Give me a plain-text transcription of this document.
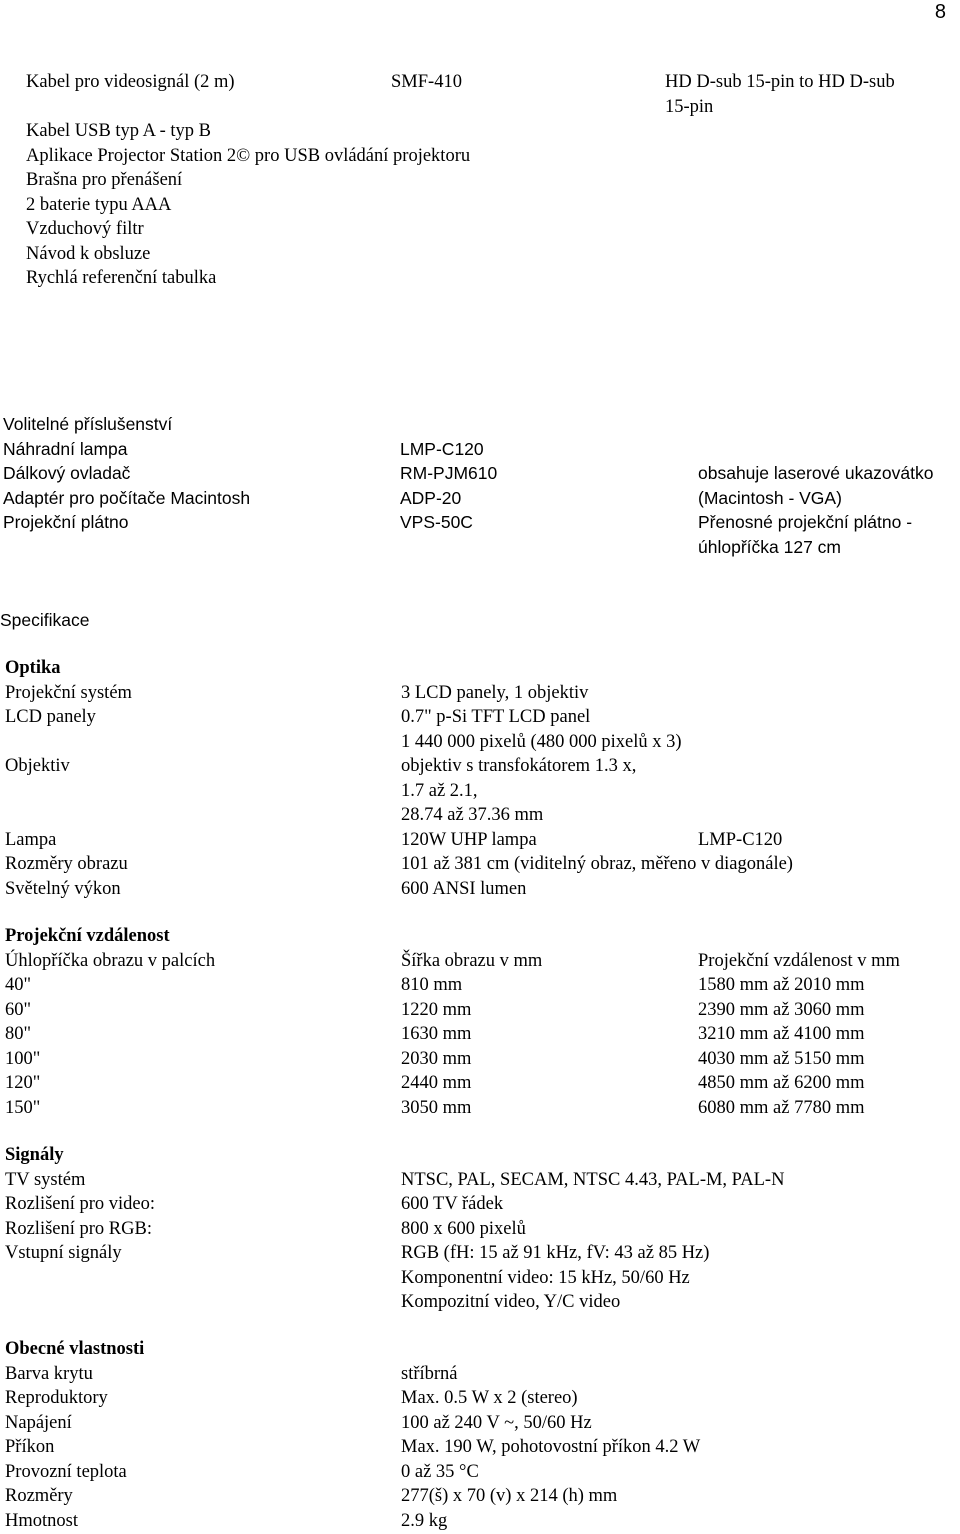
8
Kabel pro videosignál (2 m)	SMF-410	HD D-sub 15-pin to HD D-sub
15-pin
Kabel USB typ A - typ B
Aplikace Projector Station 2© pro USB ovládání projektoru
Brašna pro přenášení
2 baterie typu AAA
Vzduchový filtr
Návod k obsluze
Rychlá referenční tabulka
Volitelné příslušenství
Náhradní lampa	LMP-C120
Dálkový ovladač	RM-PJM610	obsahuje laserové ukazovátko
Adaptér pro počítače Macintosh	ADP-20	(Macintosh - VGA)
Projekční plátno	VPS-50C	Přenosné projekční plátno -
úhlopříčka 127 cm
Specifikace
Optika
Projekční systém	3 LCD panely, 1 objektiv
LCD panely	0.7" p-Si TFT LCD panel
1 440 000 pixelů (480 000 pixelů x 3)
Objektiv	objektiv s transfokátorem 1.3 x,
1.7 až 2.1,
28.74 až 37.36 mm
Lampa	120W UHP lampa	LMP-C120
Rozměry obrazu	101 až 381 cm (viditelný obraz, měřeno v diagonále)
Světelný výkon	600 ANSI lumen
Projekční vzdálenost
Úhlopříčka obrazu v palcích	Šířka obrazu v mm	Projekční vzdálenost v mm
40"	810 mm	1580 mm až 2010 mm
60"	1220 mm	2390 mm až 3060 mm
80"	1630 mm	3210 mm až 4100 mm
100"	2030 mm	4030 mm až 5150 mm
120"	2440 mm	4850 mm až 6200 mm
150"	3050 mm	6080 mm až 7780 mm
Signály
TV systém	NTSC, PAL, SECAM, NTSC 4.43, PAL-M, PAL-N
Rozlišení pro video:	600 TV řádek
Rozlišení pro RGB:	800 x 600 pixelů
Vstupní signály	RGB (fH: 15 až 91 kHz, fV: 43 až 85 Hz)
Komponentní video: 15 kHz, 50/60 Hz
Kompozitní video, Y/C video
Obecné vlastnosti
Barva krytu	stříbrná
Reproduktory	Max. 0.5 W x 2 (stereo)
Napájení	100 až 240 V ~, 50/60 Hz
Příkon	Max. 190 W, pohotovostní příkon 4.2 W
Provozní teplota	0 až 35 °C
Rozměry	277(š) x 70 (v) x 214 (h) mm
Hmotnost	2.9 kg
